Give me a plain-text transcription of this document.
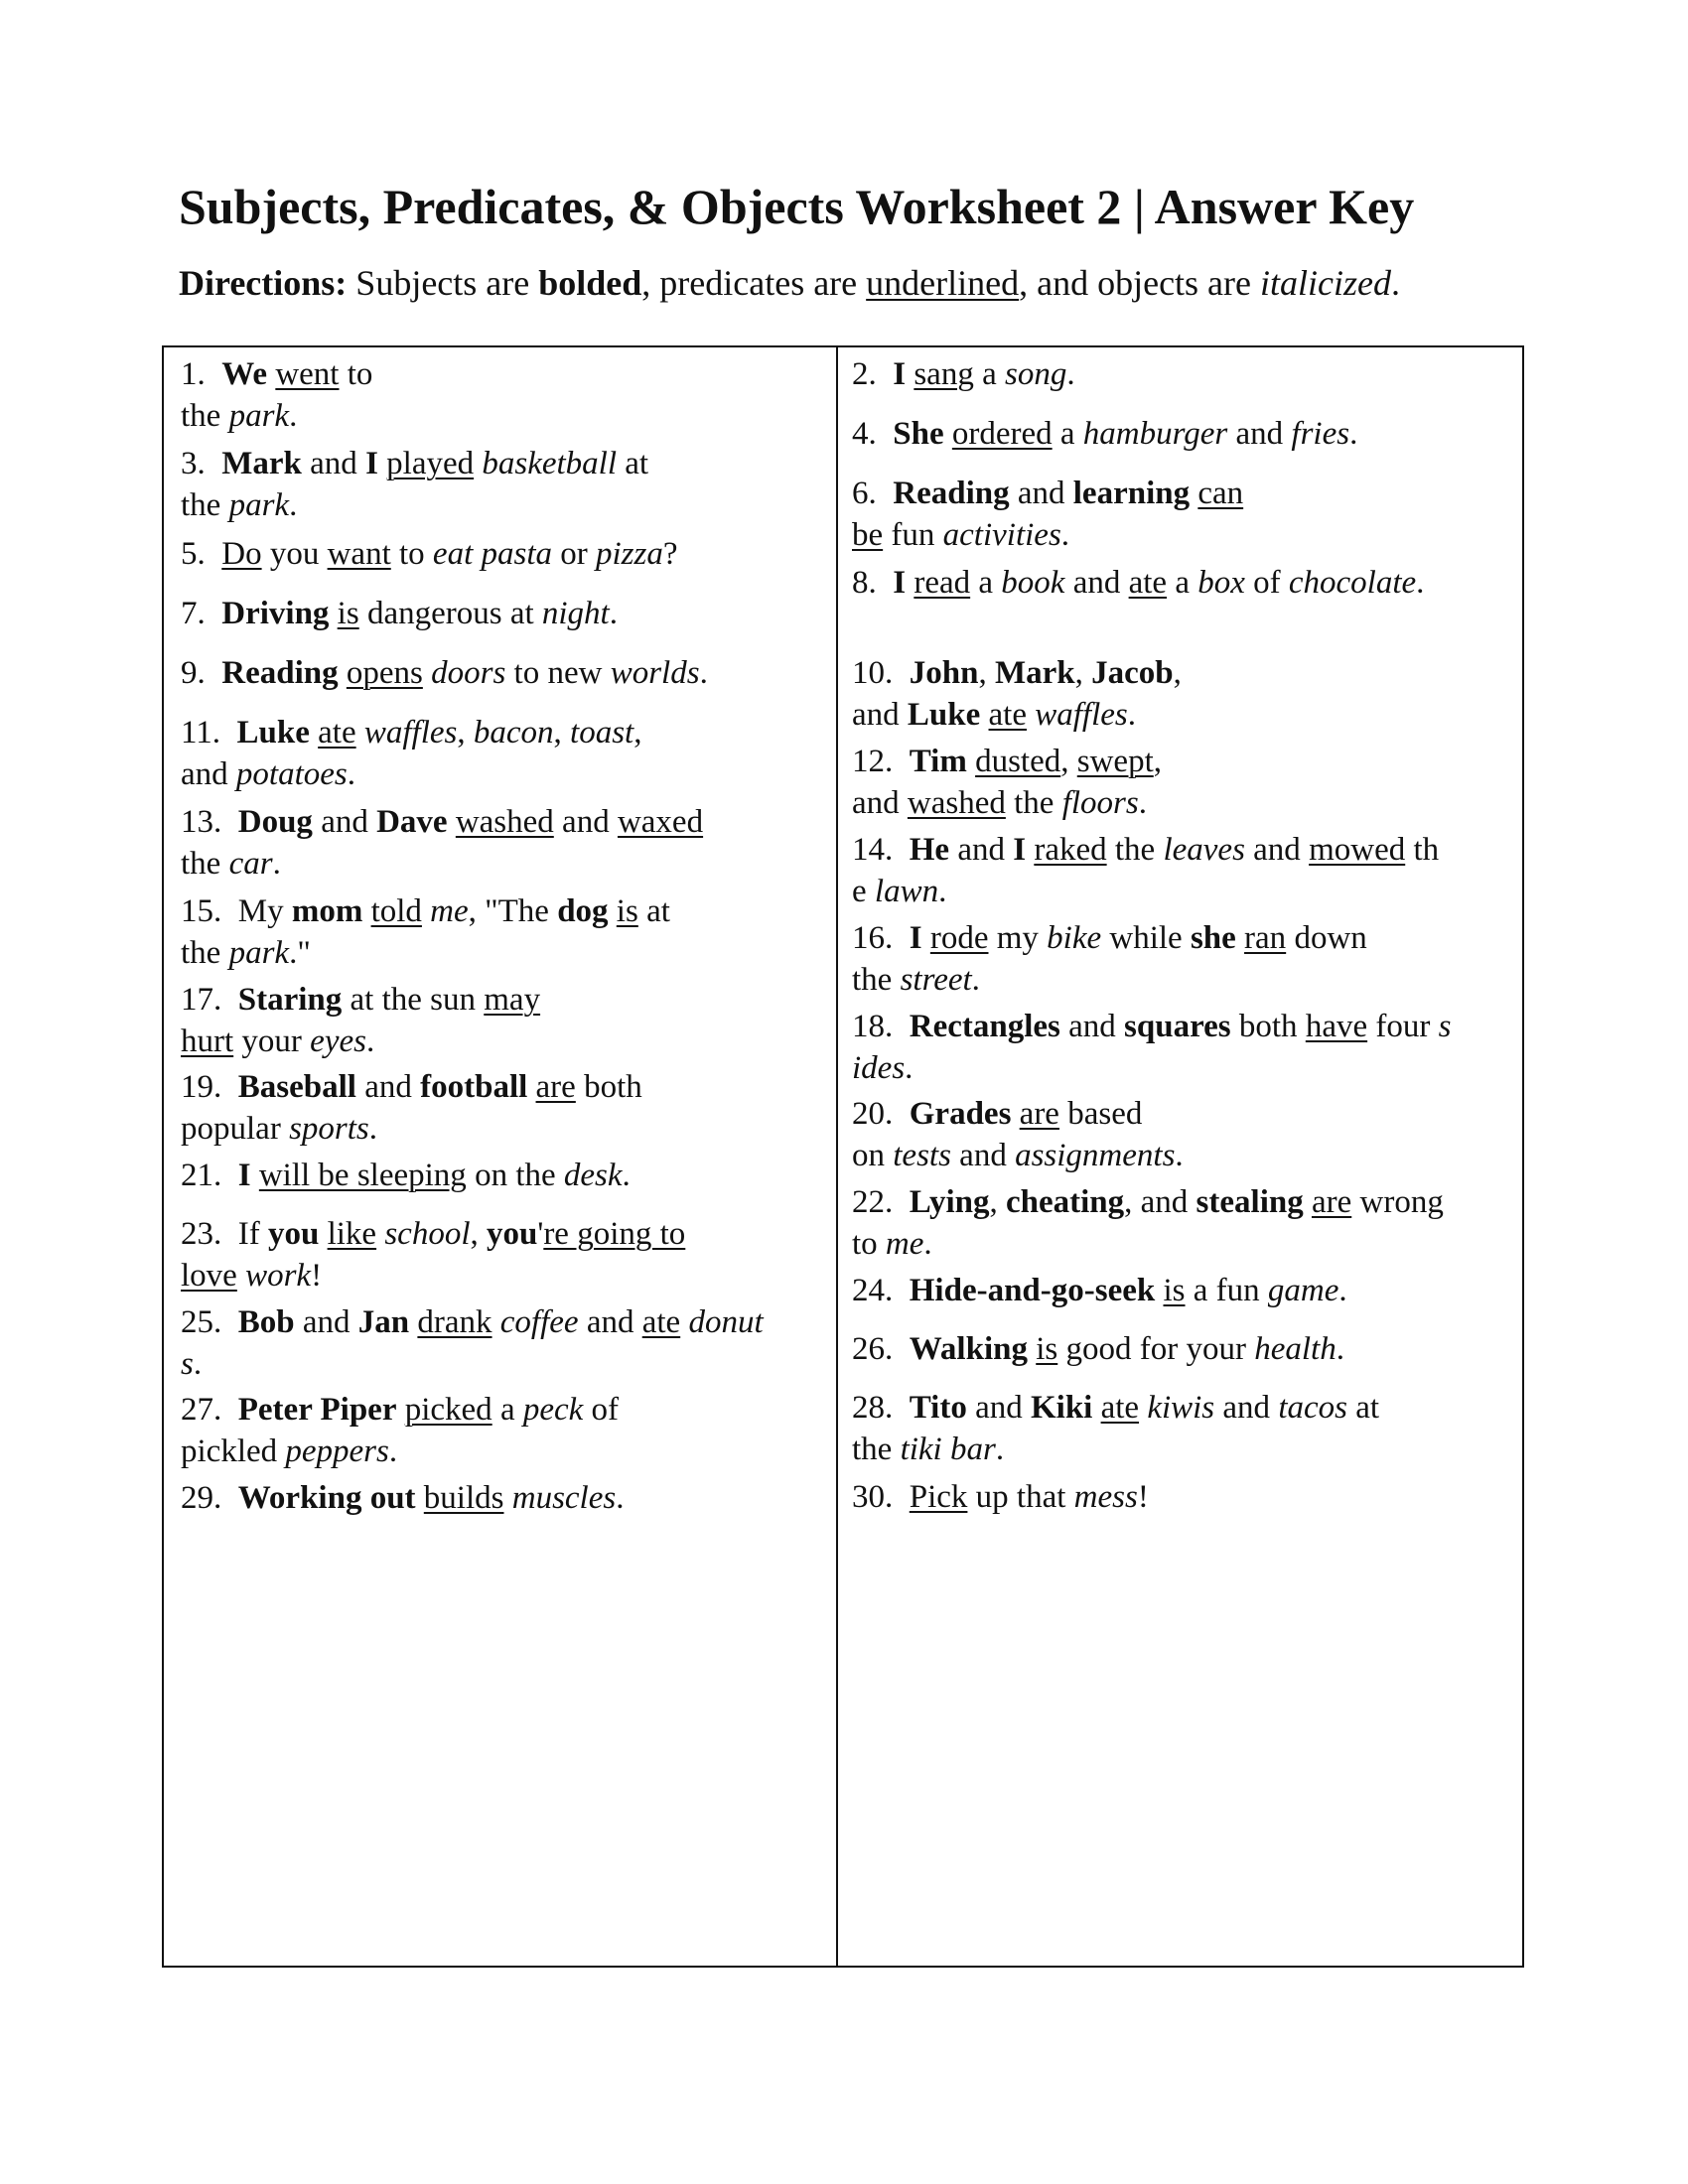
Subjects, Predicates, & Objects Worksheet 2 | Answer Key

Directions: Subjects are bolded, predicates are underlined, and objects are italicized.

1.  We went to
the park.
2.  I sang a song.
3.  Mark and I played basketball at
the park.
4.  She ordered a hamburger and fries.
5.  Do you want to eat pasta or pizza?
6.  Reading and learning can
be fun activities.
7.  Driving is dangerous at night.
8.  I read a book and ate a box of chocolate.
9.  Reading opens doors to new worlds.	10.  John, Mark, Jacob,
and Luke ate waffles.
11.  Luke ate waffles, bacon, toast,
and potatoes.	12.  Tim dusted, swept,
and washed the floors.
13.  Doug and Dave washed and waxed
the car.	14.  He and I raked the leaves and mowed th
e lawn.
15.  My mom told me, "The dog is at
the park."	16.  I rode my bike while she ran down
the street.
17.  Staring at the sun may
hurt your eyes.	18.  Rectangles and squares both have four s
ides.
19.  Baseball and football are both
popular sports.	20.  Grades are based
on tests and assignments.
21.  I will be sleeping on the desk.
22.  Lying, cheating, and stealing are wrong
to me.
23.  If you like school, you're going to
love work!	24.  Hide-and-go-seek is a fun game.
25.  Bob and Jan drank coffee and ate donut
s.	26.  Walking is good for your health.
27.  Peter Piper picked a peck of
pickled peppers.
28.  Tito and Kiki ate kiwis and tacos at
the tiki bar.
29.  Working out builds muscles.	30.  Pick up that mess!
